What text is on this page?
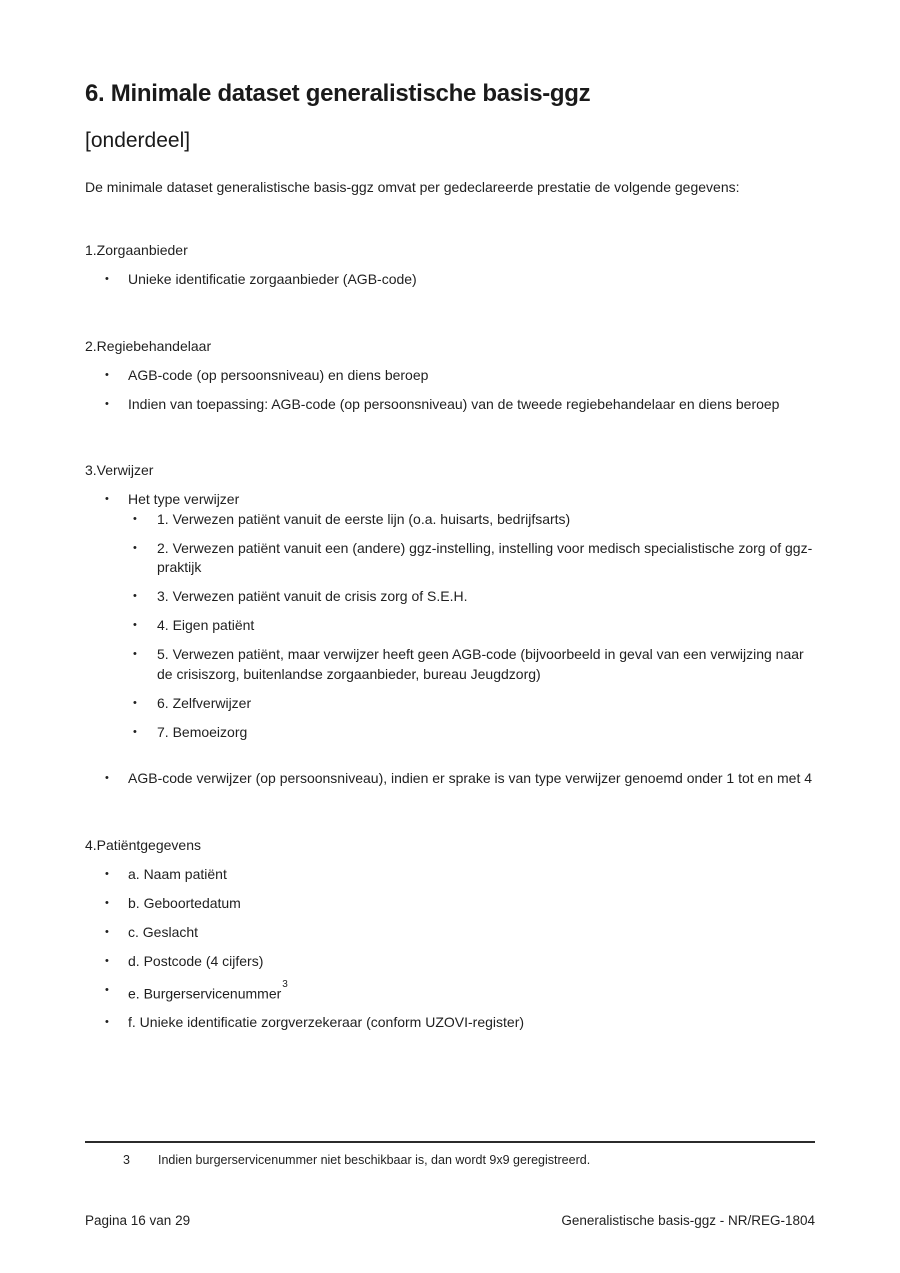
6. Minimale dataset generalistische basis-ggz
[onderdeel]

De minimale dataset generalistische basis-ggz omvat per gedeclareerde prestatie de volgende gegevens:

1.Zorgaanbieder

• Unieke identificatie zorgaanbieder (AGB-code)

2.Regiebehandelaar

• AGB-code (op persoonsniveau) en diens beroep
• Indien van toepassing: AGB-code (op persoonsniveau) van de tweede regiebehandelaar en diens beroep

3.Verwijzer

• Het type verwijzer
• 1. Verwezen patiënt vanuit de eerste lijn (o.a. huisarts, bedrijfsarts)
• 2. Verwezen patiënt vanuit een (andere) ggz-instelling, instelling voor medisch specialistische zorg of ggz-praktijk
• 3. Verwezen patiënt vanuit de crisis zorg of S.E.H.
• 4. Eigen patiënt
• 5. Verwezen patiënt, maar verwijzer heeft geen AGB-code (bijvoorbeeld in geval van een verwijzing naar de crisiszorg, buitenlandse zorgaanbieder, bureau Jeugdzorg)
• 6. Zelfverwijzer
• 7. Bemoeizorg
• AGB-code verwijzer (op persoonsniveau), indien er sprake is van type verwijzer genoemd onder 1 tot en met 4

4.Patiëntgegevens

• a. Naam patiënt
• b. Geboortedatum
• c. Geslacht
• d. Postcode (4 cijfers)
• e. Burgerservicenummer$^3$
• f. Unieke identificatie zorgverzekeraar (conform UZOVI-register)
3	Indien burgerservicenummer niet beschikbaar is, dan wordt 9x9 geregistreerd.
Pagina 16 van 29	Generalistische basis-ggz - NR/REG-1804
